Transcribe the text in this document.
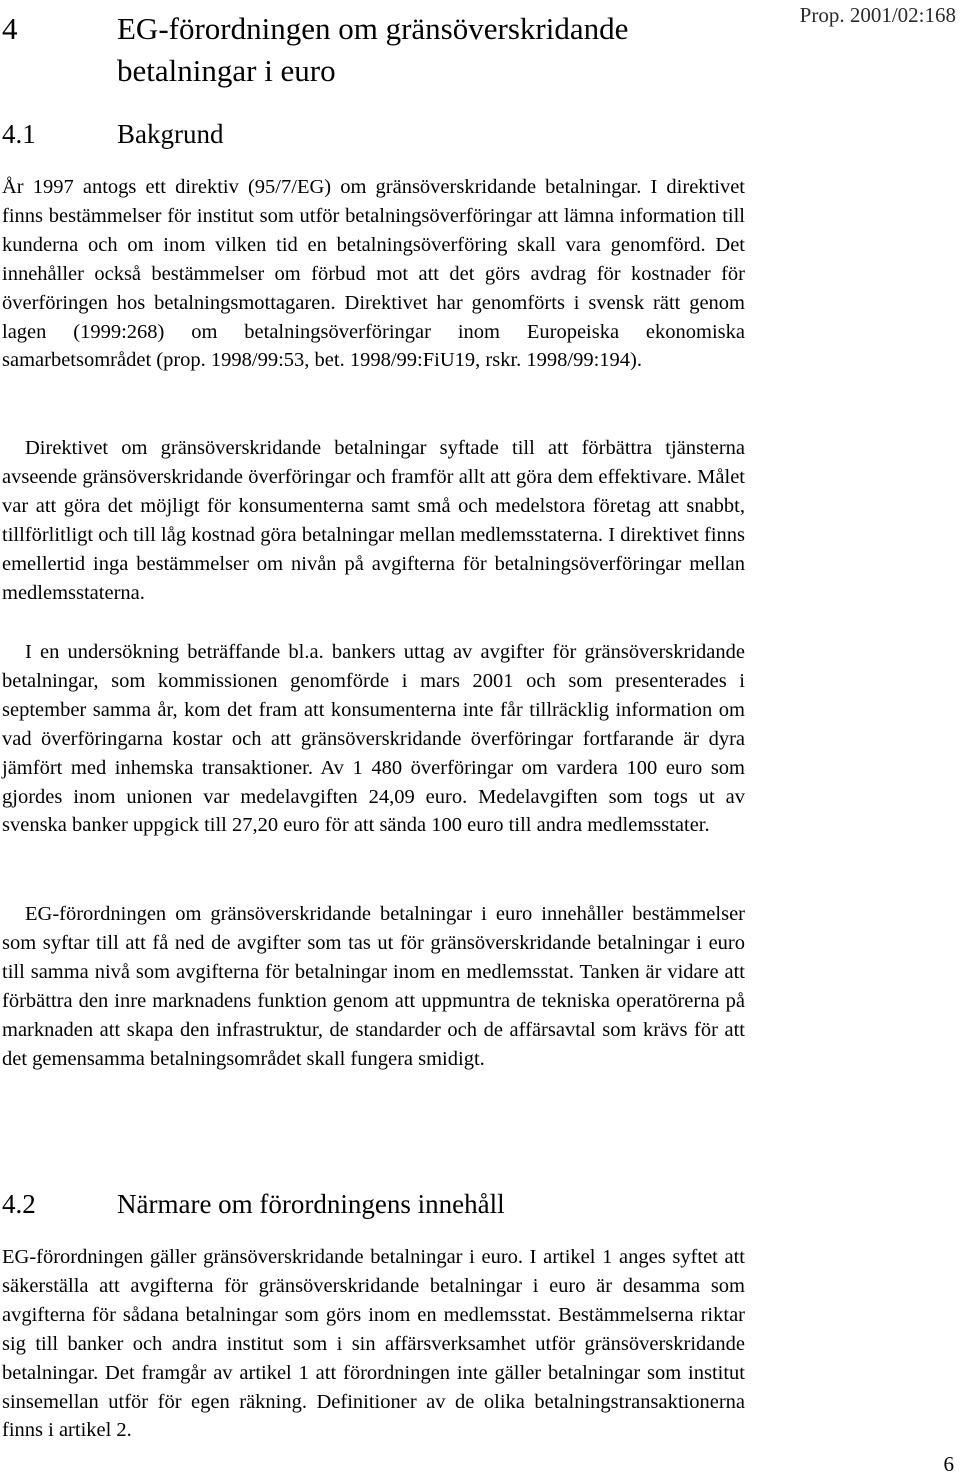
Prop. 2001/02:168
4	EG-förordningen om gränsöverskridande betalningar i euro
4.1	Bakgrund
År 1997 antogs ett direktiv (95/7/EG) om gränsöverskridande betalningar. I direktivet finns bestämmelser för institut som utför betalningsöverföringar att lämna information till kunderna och om inom vilken tid en betalningsöverföring skall vara genomförd. Det innehåller också bestämmelser om förbud mot att det görs avdrag för kostnader för överföringen hos betalningsmottagaren. Direktivet har genomförts i svensk rätt genom lagen (1999:268) om betalningsöverföringar inom Europeiska ekonomiska samarbetsområdet (prop. 1998/99:53, bet. 1998/99:FiU19, rskr. 1998/99:194).
Direktivet om gränsöverskridande betalningar syftade till att förbättra tjänsterna avseende gränsöverskridande överföringar och framför allt att göra dem effektivare. Målet var att göra det möjligt för konsumenterna samt små och medelstora företag att snabbt, tillförlitligt och till låg kostnad göra betalningar mellan medlemsstaterna. I direktivet finns emellertid inga bestämmelser om nivån på avgifterna för betalningsöverföringar mellan medlemsstaterna.
I en undersökning beträffande bl.a. bankers uttag av avgifter för gränsöverskridande betalningar, som kommissionen genomförde i mars 2001 och som presenterades i september samma år, kom det fram att konsumenterna inte får tillräcklig information om vad överföringarna kostar och att gränsöverskridande överföringar fortfarande är dyra jämfört med inhemska transaktioner. Av 1 480 överföringar om vardera 100 euro som gjordes inom unionen var medelavgiften 24,09 euro. Medelavgiften som togs ut av svenska banker uppgick till 27,20 euro för att sända 100 euro till andra medlemsstater.
EG-förordningen om gränsöverskridande betalningar i euro innehåller bestämmelser som syftar till att få ned de avgifter som tas ut för gränsöverskridande betalningar i euro till samma nivå som avgifterna för betalningar inom en medlemsstat. Tanken är vidare att förbättra den inre marknadens funktion genom att uppmuntra de tekniska operatörerna på marknaden att skapa den infrastruktur, de standarder och de affärsavtal som krävs för att det gemensamma betalningsområdet skall fungera smidigt.
4.2	Närmare om förordningens innehåll
EG-förordningen gäller gränsöverskridande betalningar i euro. I artikel 1 anges syftet att säkerställa att avgifterna för gränsöverskridande betalningar i euro är desamma som avgifterna för sådana betalningar som görs inom en medlemsstat. Bestämmelserna riktar sig till banker och andra institut som i sin affärsverksamhet utför gränsöverskridande betalningar. Det framgår av artikel 1 att förordningen inte gäller betalningar som institut sinsemellan utför för egen räkning. Definitioner av de olika betalningstransaktionerna finns i artikel 2.
6
